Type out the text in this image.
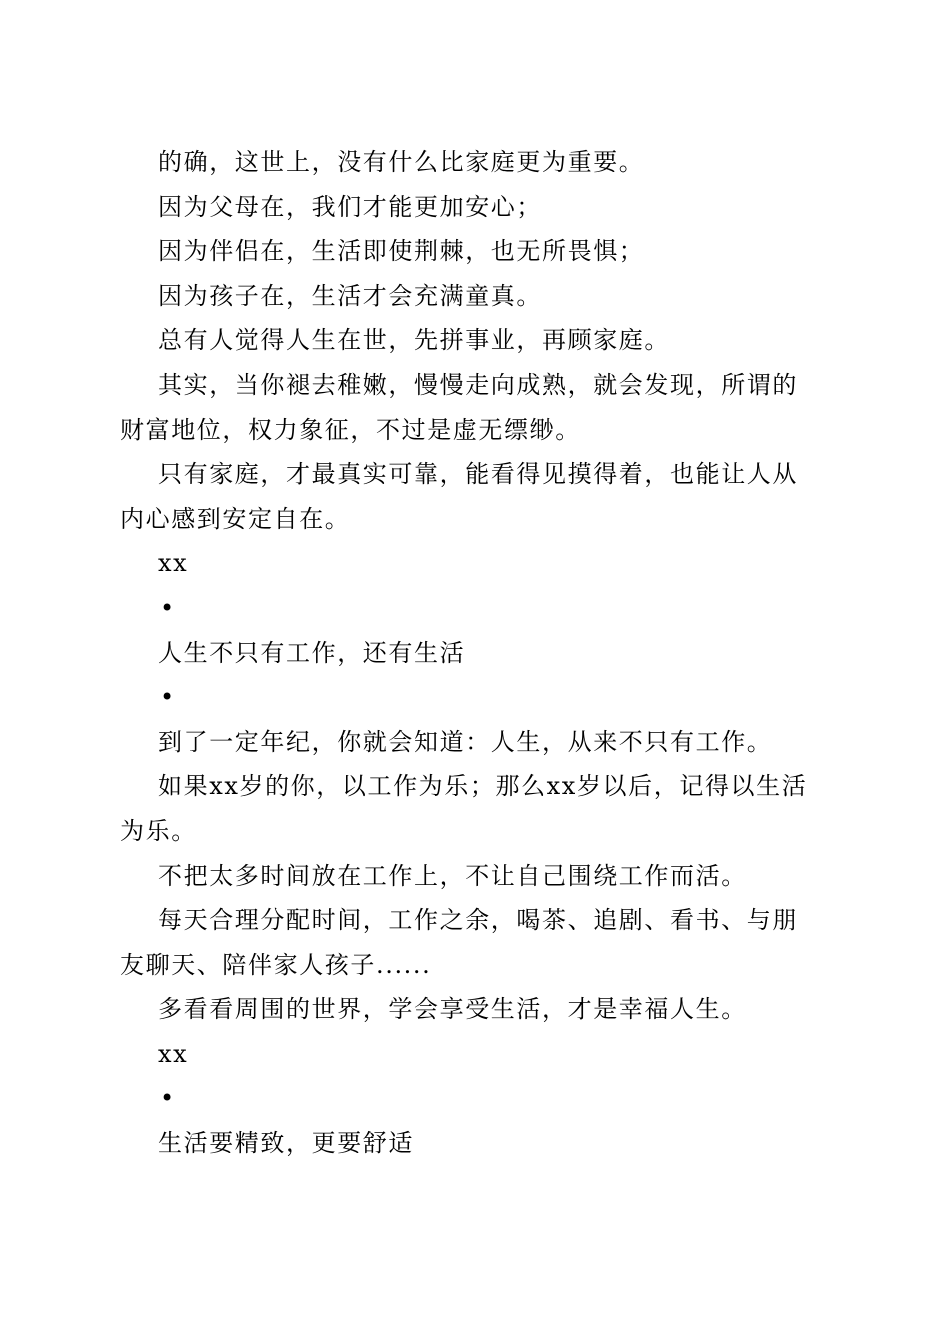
的确，这世上，没有什么比家庭更为重要。

因为父母在，我们才能更加安心；

因为伴侣在，生活即使荆棘，也无所畏惧；

因为孩子在，生活才会充满童真。

总有人觉得人生在世，先拼事业，再顾家庭。

其实，当你褪去稚嫩，慢慢走向成熟，就会发现，所谓的财富地位，权力象征，不过是虚无缥缈。

只有家庭，才最真实可靠，能看得见摸得着，也能让人从内心感到安定自在。

xx

•

人生不只有工作，还有生活

•

到了一定年纪，你就会知道：人生，从来不只有工作。

如果xx岁的你，以工作为乐；那么xx岁以后，记得以生活为乐。

不把太多时间放在工作上，不让自己围绕工作而活。

每天合理分配时间，工作之余，喝茶、追剧、看书、与朋友聊天、陪伴家人孩子......

多看看周围的世界，学会享受生活，才是幸福人生。

xx

•

生活要精致，更要舒适
